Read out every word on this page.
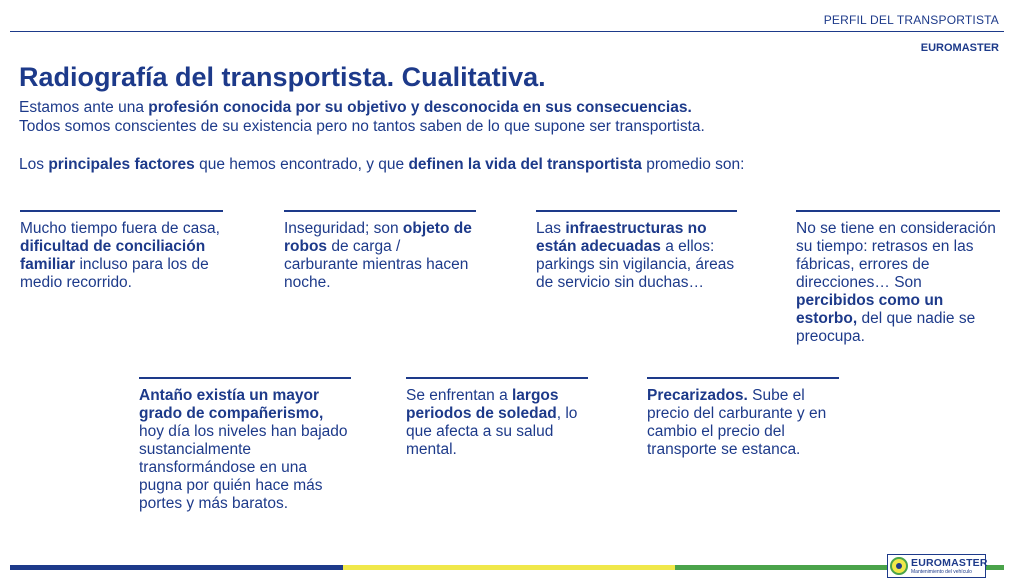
PERFIL DEL TRANSPORTISTA
EUROMASTER
Radiografía del transportista. Cualitativa.

Estamos ante una profesión conocida por su objetivo y desconocida en sus consecuencias.

Todos somos conscientes de su existencia pero no tantos saben de lo que supone ser transportista.

Los principales factores que hemos encontrado, y que definen la vida del transportista promedio son:

Mucho tiempo fuera de casa, dificultad de conciliación familiar incluso para los de medio recorrido.

Inseguridad; son objeto de robos de carga / carburante mientras hacen noche.

Las infraestructuras no están adecuadas a ellos: parkings sin vigilancia, áreas de servicio sin duchas…

No se tiene en consideración su tiempo: retrasos en las fábricas, errores de direcciones… Son percibidos como un estorbo, del que nadie se preocupa.

Antaño existía un mayor grado de compañerismo, hoy día los niveles han bajado sustancialmente transformándose en una pugna por quién hace más portes y más baratos.

Se enfrentan a largos periodos de soledad, lo que afecta a su salud mental.

Precarizados. Sube el precio del carburante y en cambio el precio del transporte se estanca.

EUROMASTER
Mantenimiento del vehículo
